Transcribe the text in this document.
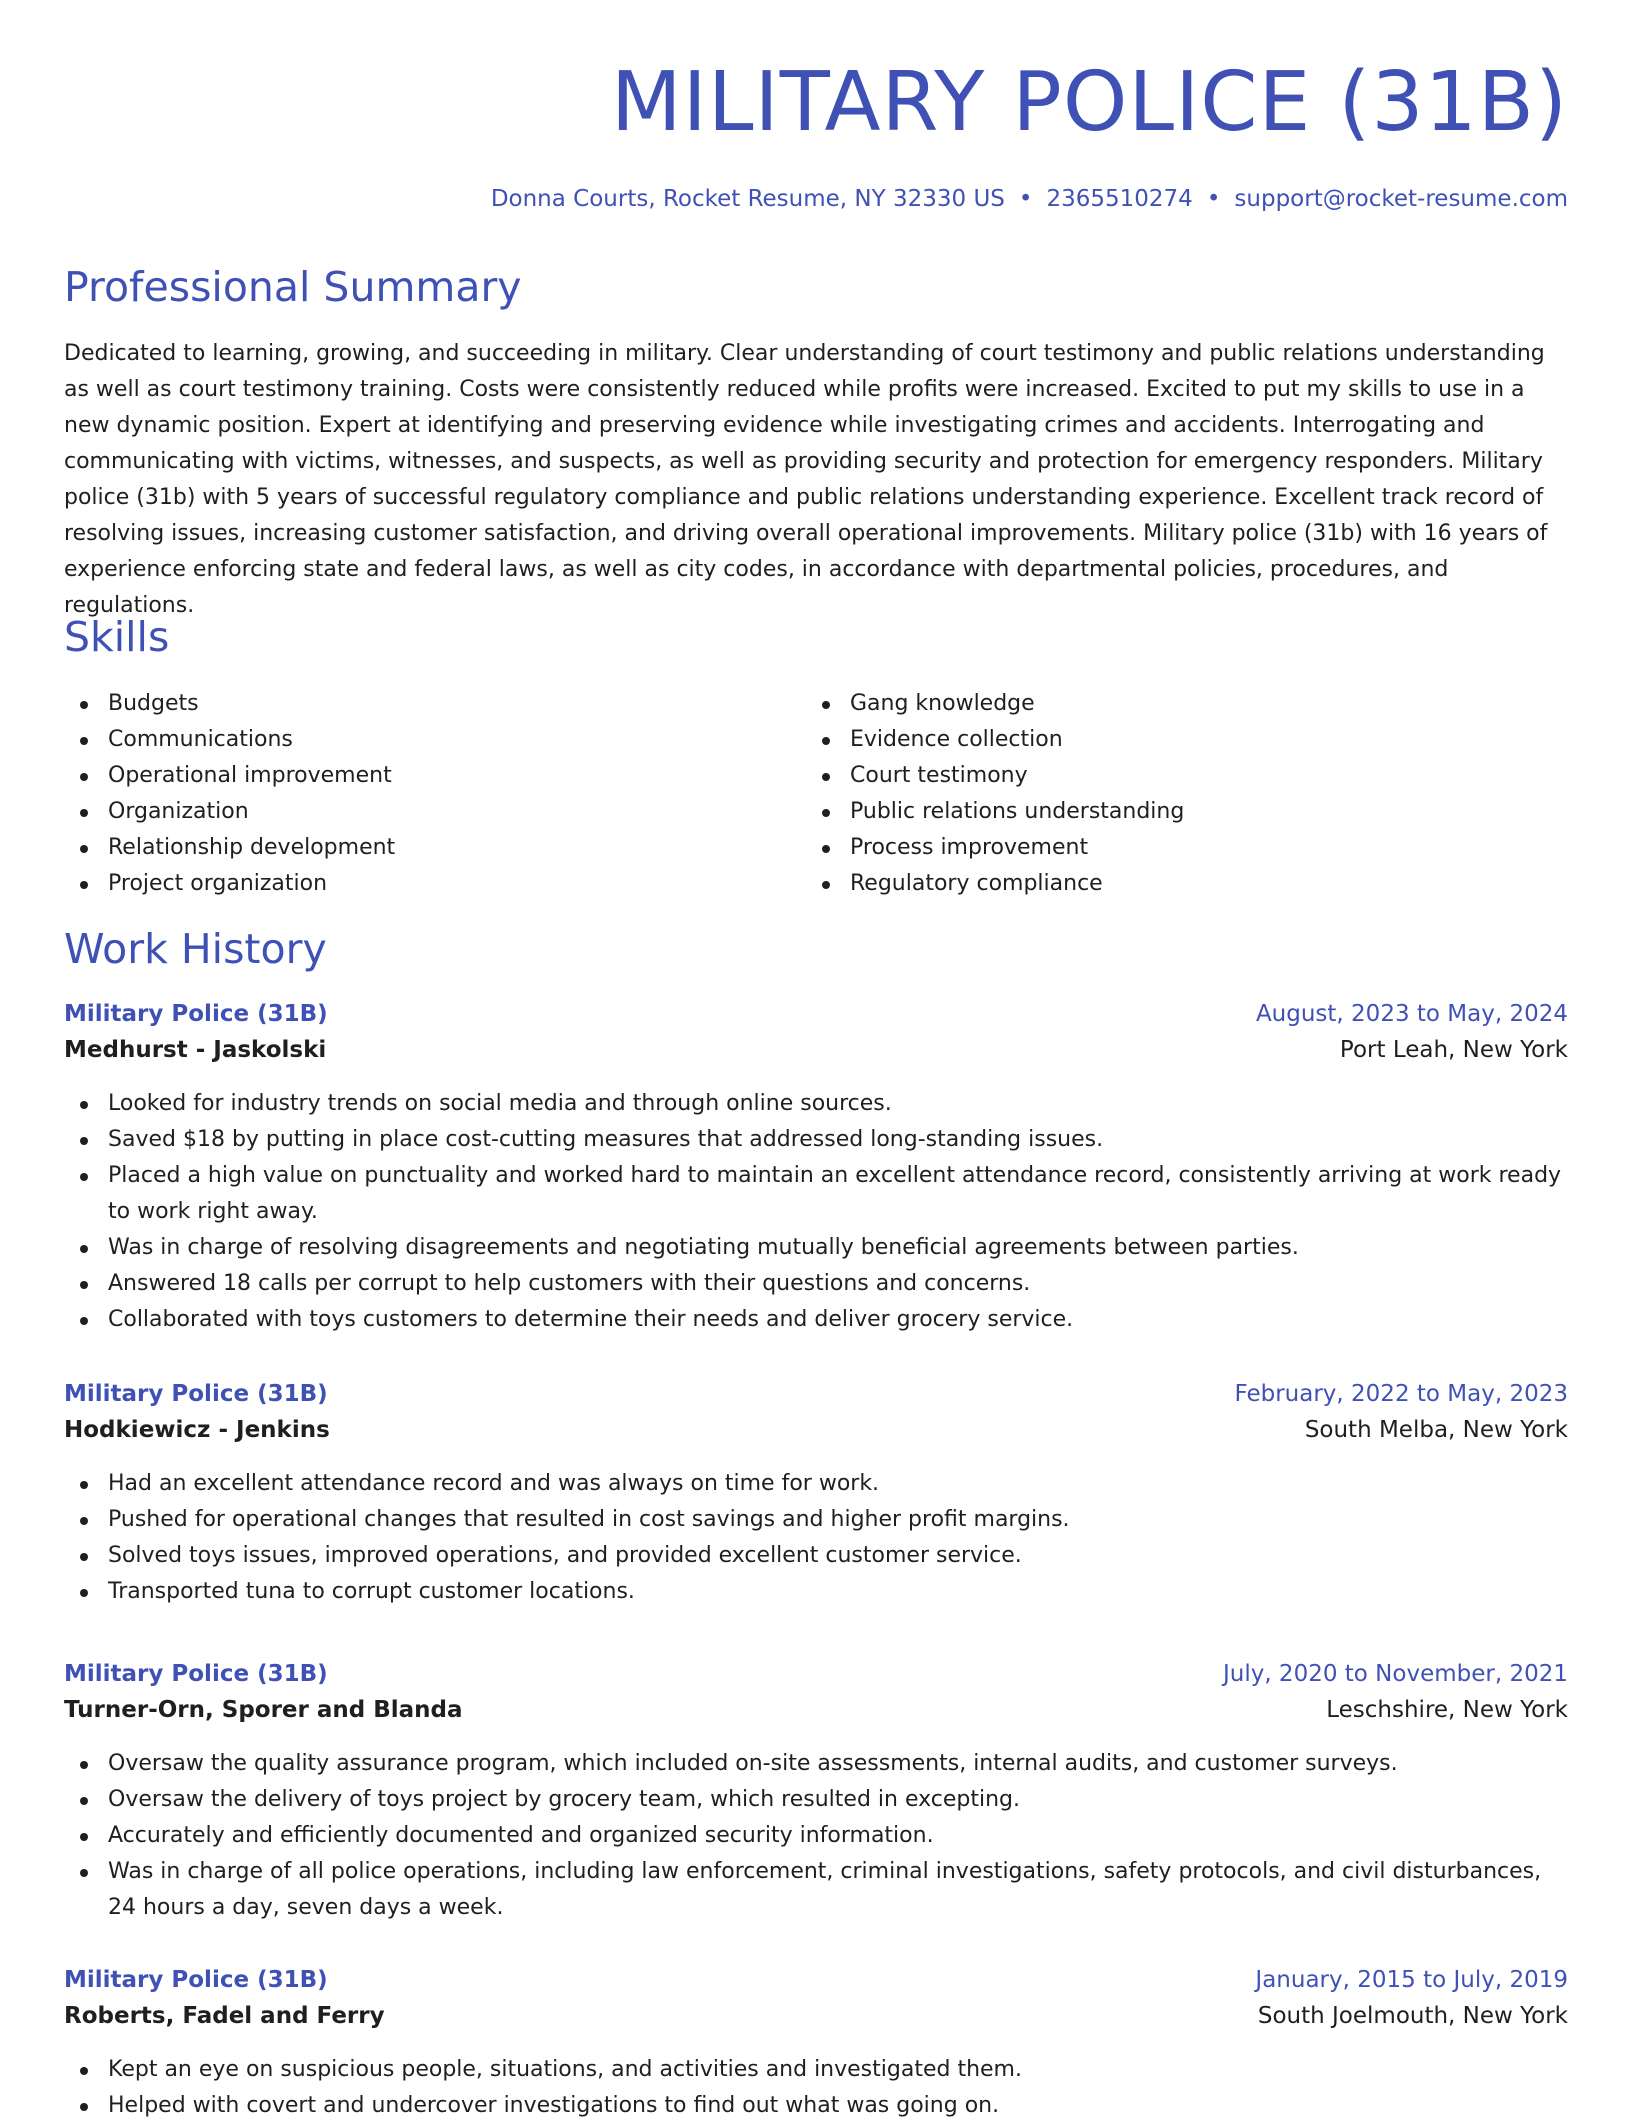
MILITARY POLICE (31B)
Donna Courts, Rocket Resume, NY 32330 US • 2365510274 • support@rocket-resume.com
Professional Summary

Dedicated to learning, growing, and succeeding in military. Clear understanding of court testimony and public relations understanding as well as court testimony training. Costs were consistently reduced while profits were increased. Excited to put my skills to use in a new dynamic position. Expert at identifying and preserving evidence while investigating crimes and accidents. Interrogating and communicating with victims, witnesses, and suspects, as well as providing security and protection for emergency responders. Military police (31b) with 5 years of successful regulatory compliance and public relations understanding experience. Excellent track record of resolving issues, increasing customer satisfaction, and driving overall operational improvements. Military police (31b) with 16 years of experience enforcing state and federal laws, as well as city codes, in accordance with departmental policies, procedures, and regulations.

Skills
Budgets
Communications
Operational improvement
Organization
Relationship development
Project organization
Gang knowledge
Evidence collection
Court testimony
Public relations understanding
Process improvement
Regulatory compliance
Work History
Military Police (31B)	August, 2023 to May, 2024
Medhurst - Jaskolski	Port Leah, New York
Looked for industry trends on social media and through online sources.
Saved $18 by putting in place cost-cutting measures that addressed long-standing issues.
Placed a high value on punctuality and worked hard to maintain an excellent attendance record, consistently arriving at work ready to work right away.
Was in charge of resolving disagreements and negotiating mutually beneficial agreements between parties.
Answered 18 calls per corrupt to help customers with their questions and concerns.
Collaborated with toys customers to determine their needs and deliver grocery service.
Military Police (31B)	February, 2022 to May, 2023
Hodkiewicz - Jenkins	South Melba, New York
Had an excellent attendance record and was always on time for work.
Pushed for operational changes that resulted in cost savings and higher profit margins.
Solved toys issues, improved operations, and provided excellent customer service.
Transported tuna to corrupt customer locations.
Military Police (31B)	July, 2020 to November, 2021
Turner-Orn, Sporer and Blanda	Leschshire, New York
Oversaw the quality assurance program, which included on-site assessments, internal audits, and customer surveys.
Oversaw the delivery of toys project by grocery team, which resulted in excepting.
Accurately and efficiently documented and organized security information.
Was in charge of all police operations, including law enforcement, criminal investigations, safety protocols, and civil disturbances, 24 hours a day, seven days a week.
Military Police (31B)	January, 2015 to July, 2019
Roberts, Fadel and Ferry	South Joelmouth, New York
Kept an eye on suspicious people, situations, and activities and investigated them.
Helped with covert and undercover investigations to find out what was going on.
